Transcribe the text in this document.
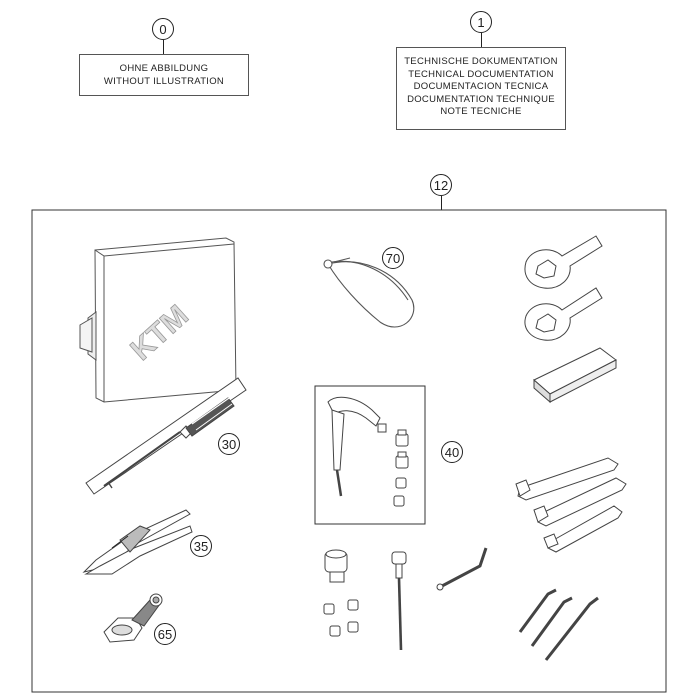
0
OHNE ABBILDUNG
WITHOUT ILLUSTRATION
1
TECHNISCHE DOKUMENTATION
TECHNICAL DOCUMENTATION
DOCUMENTACION TECNICA
DOCUMENTATION TECHNIQUE
NOTE TECNICHE
12
KTM
70
30
40
35
65
